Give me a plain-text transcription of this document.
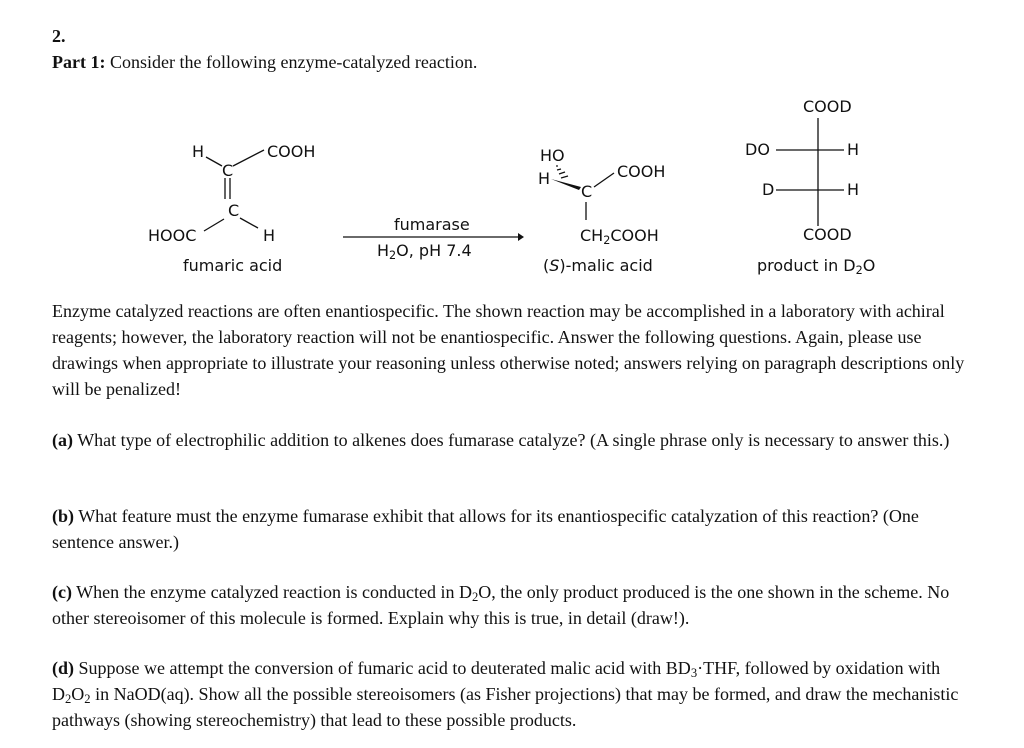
2.
Part 1: Consider the following enzyme-catalyzed reaction.
H	COOH
C
C
HOOC	H
fumaric acid
fumarase
$H_2O$, pH 7.4
HO
H
C
COOH
$CH_2COOH$
(S)-malic acid
COOD
DO	H
D	H
COOD
product in $D_2O$
Enzyme catalyzed reactions are often enantiospecific. The shown reaction may be accomplished in a laboratory with achiral reagents; however, the laboratory reaction will not be enantiospecific. Answer the following questions. Again, please use drawings when appropriate to illustrate your reasoning unless otherwise noted; answers relying on paragraph descriptions only will be penalized!
(a) What type of electrophilic addition to alkenes does fumarase catalyze? (A single phrase only is necessary to answer this.)
(b) What feature must the enzyme fumarase exhibit that allows for its enantiospecific catalyzation of this reaction? (One sentence answer.)
(c) When the enzyme catalyzed reaction is conducted in $D_2O$, the only product produced is the one shown in the scheme. No other stereoisomer of this molecule is formed. Explain why this is true, in detail (draw!).
(d) Suppose we attempt the conversion of fumaric acid to deuterated malic acid with $BD_3\cdot THF$, followed by oxidation with $D_2O_2$ in NaOD(aq). Show all the possible stereoisomers (as Fisher projections) that may be formed, and draw the mechanistic pathways (showing stereochemistry) that lead to these possible products.
